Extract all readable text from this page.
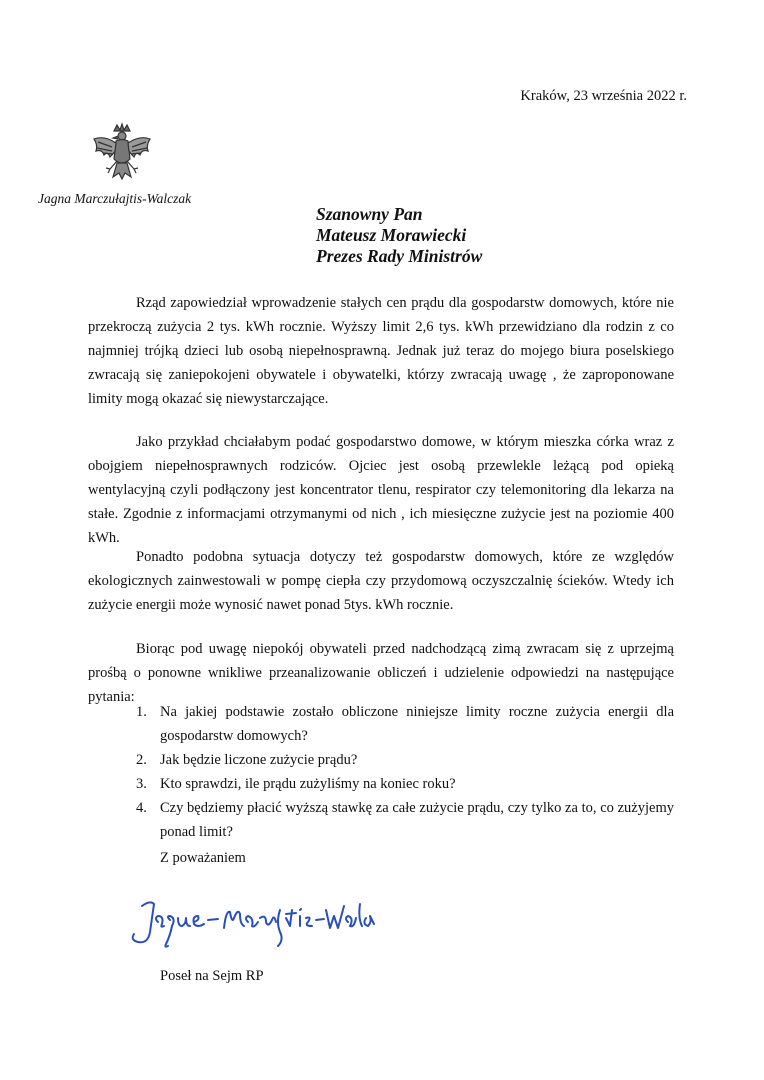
Kraków, 23 września 2022 r.
Jagna Marczułajtis-Walczak
Szanowny Pan
Mateusz Morawiecki
Prezes Rady Ministrów

Rząd zapowiedział wprowadzenie stałych cen prądu dla gospodarstw domowych, które nie przekroczą zużycia 2 tys. kWh rocznie. Wyższy limit 2,6 tys. kWh przewidziano dla rodzin z co najmniej trójką dzieci lub osobą niepełnosprawną. Jednak już teraz do mojego biura poselskiego zwracają się zaniepokojeni obywatele i obywatelki, którzy zwracają uwagę , że zaproponowane limity mogą okazać się niewystarczające.

Jako przykład chciałabym podać gospodarstwo domowe, w którym mieszka córka wraz z obojgiem niepełnosprawnych rodziców. Ojciec jest osobą przewlekle leżącą pod opieką wentylacyjną czyli podłączony jest koncentrator tlenu, respirator czy telemonitoring dla lekarza na stałe. Zgodnie z informacjami otrzymanymi od nich , ich miesięczne zużycie jest na poziomie 400 kWh.

Ponadto podobna sytuacja dotyczy też gospodarstw domowych, które ze względów ekologicznych zainwestowali w pompę ciepła czy przydomową oczyszczalnię ścieków. Wtedy ich zużycie energii może wynosić nawet ponad 5tys. kWh rocznie.

Biorąc pod uwagę niepokój obywateli przed nadchodzącą zimą zwracam się z uprzejmą prośbą o ponowne wnikliwe przeanalizowanie obliczeń i udzielenie odpowiedzi na następujące pytania:

1. Na jakiej podstawie zostało obliczone niniejsze limity roczne zużycia energii dla gospodarstw domowych?
2. Jak będzie liczone zużycie prądu?
3. Kto sprawdzi, ile prądu zużyliśmy na koniec roku?
4. Czy będziemy płacić wyższą stawkę za całe zużycie prądu, czy tylko za to, co zużyjemy ponad limit?
Z poważaniem
Poseł na Sejm RP
